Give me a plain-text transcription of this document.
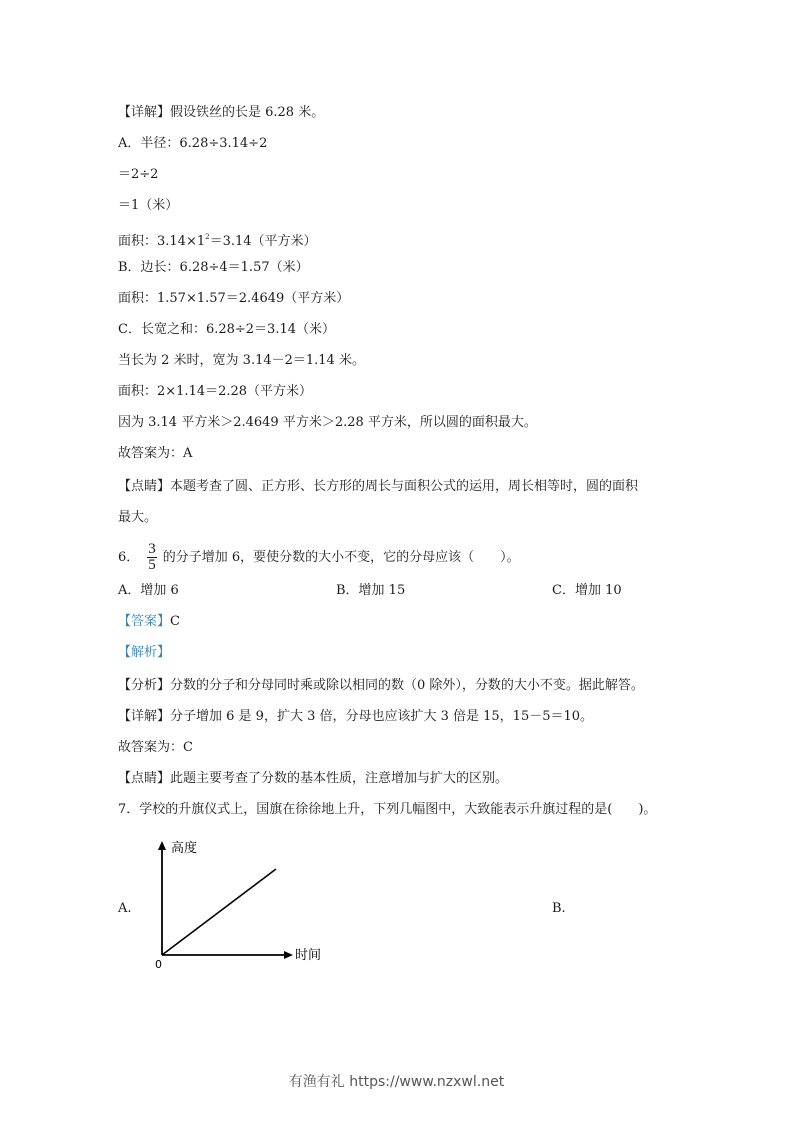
【详解】假设铁丝的长是 6.28 米。
A．半径：6.28÷3.14÷2
＝2÷2
＝1（米）
面积：$3.14\times 1^2=3.14$（平方米）
B．边长：6.28÷4＝1.57（米）
面积：1.57×1.57＝2.4649（平方米）
C．长宽之和：6.28÷2＝3.14（米）
当长为 2 米时，宽为 3.14－2＝1.14 米。
面积：2×1.14＝2.28（平方米）
因为 3.14 平方米＞2.4649 平方米＞2.28 平方米，所以圆的面积最大。
故答案为：A
【点睛】本题考查了圆、正方形、长方形的周长与面积公式的运用，周长相等时，圆的面积
最大。
6． $\frac{3}{5}$ 的分子增加 6，要使分数的大小不变，它的分母应该（　　）。
A．增加 6	B．增加 15	C．增加 10
【答案】C
【解析】
【分析】分数的分子和分母同时乘或除以相同的数（0 除外），分数的大小不变。据此解答。
【详解】分子增加 6 是 9，扩大 3 倍，分母也应该扩大 3 倍是 15，15－5＝10。
故答案为：C
【点睛】此题主要考查了分数的基本性质，注意增加与扩大的区别。
7．学校的升旗仪式上，国旗在徐徐地上升，下列几幅图中，大致能表示升旗过程的是(　　)。
A.	B.
高度
时间
0
有渔有礼 https://www.nzxwl.net
